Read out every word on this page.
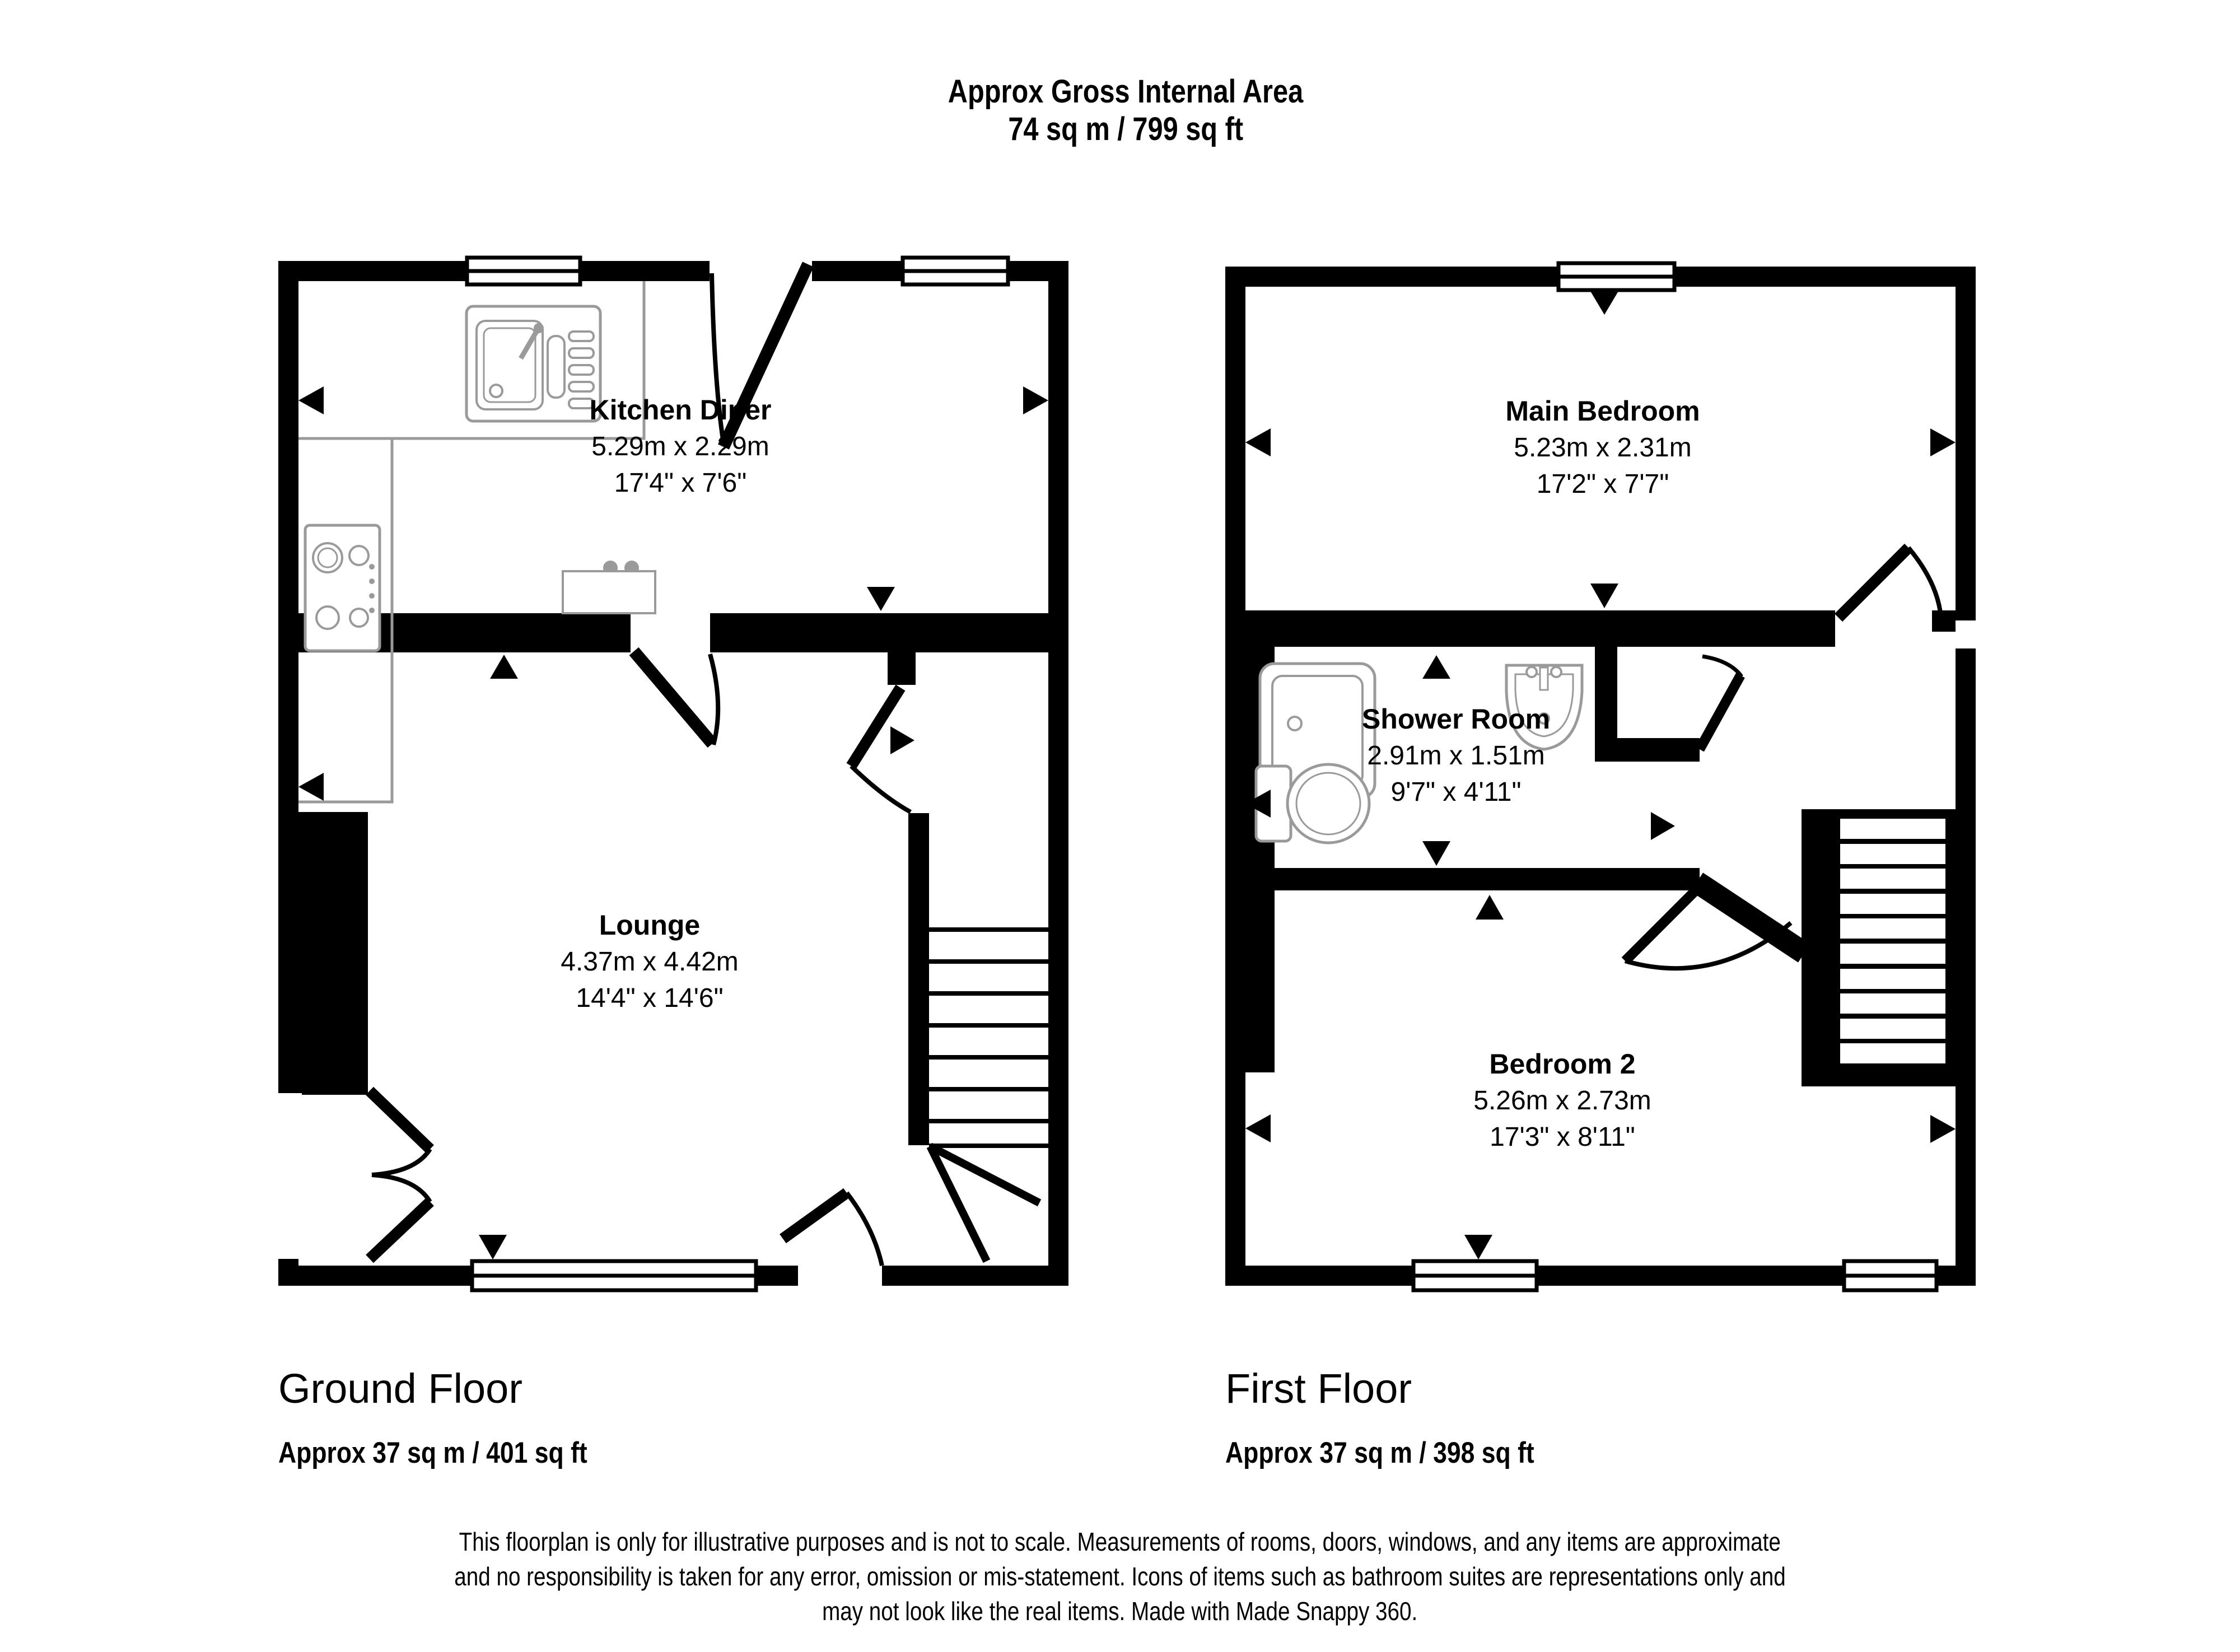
Approx Gross Internal Area
74 sq m / 799 sq ft
Kitchen Diner
5.29m x 2.29m
17'4" x 7'6"
Lounge
4.37m x 4.42m
14'4" x 14'6"
Main Bedroom
5.23m x 2.31m
17'2" x 7'7"
Shower Room
2.91m x 1.51m
9'7" x 4'11"
Bedroom 2
5.26m x 2.73m
17'3" x 8'11"
Ground Floor
Approx 37 sq m / 401 sq ft
First Floor
Approx 37 sq m / 398 sq ft
This floorplan is only for illustrative purposes and is not to scale. Measurements of rooms, doors, windows, and any items are approximate
and no responsibility is taken for any error, omission or mis-statement. Icons of items such as bathroom suites are representations only and
may not look like the real items. Made with Made Snappy 360.
